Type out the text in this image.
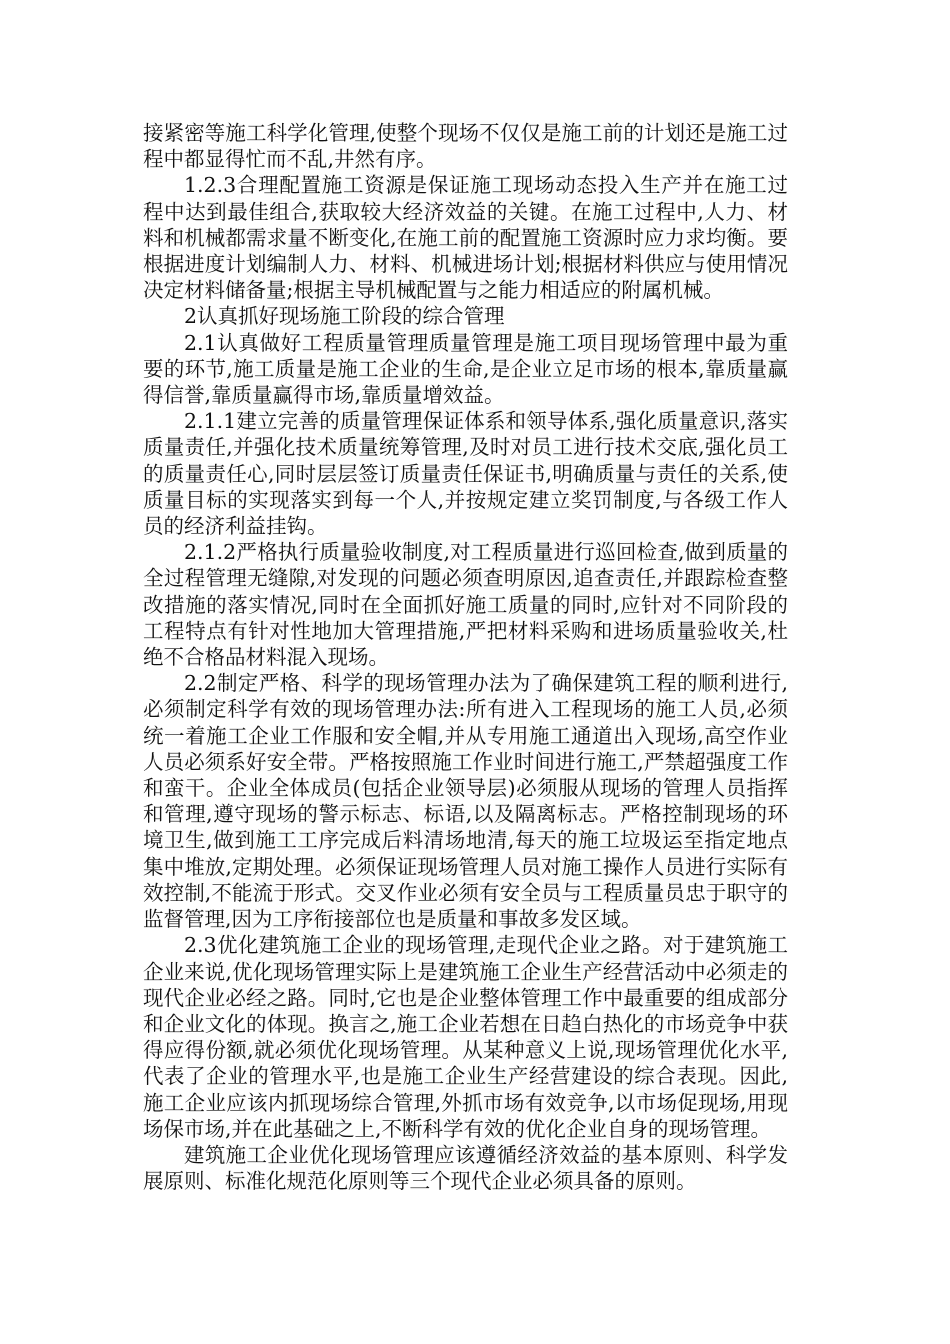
接紧密等施工科学化管理,使整个现场不仅仅是施工前的计划还是施工过程中都显得忙而不乱,井然有序。

1.2.3合理配置施工资源是保证施工现场动态投入生产并在施工过程中达到最佳组合,获取较大经济效益的关键。在施工过程中,人力、材料和机械都需求量不断变化,在施工前的配置施工资源时应力求均衡。要根据进度计划编制人力、材料、机械进场计划;根据材料供应与使用情况决定材料储备量;根据主导机械配置与之能力相适应的附属机械。

2认真抓好现场施工阶段的综合管理

2.1认真做好工程质量管理质量管理是施工项目现场管理中最为重要的环节,施工质量是施工企业的生命,是企业立足市场的根本,靠质量赢得信誉,靠质量赢得市场,靠质量增效益。

2.1.1建立完善的质量管理保证体系和领导体系,强化质量意识,落实质量责任,并强化技术质量统筹管理,及时对员工进行技术交底,强化员工的质量责任心,同时层层签订质量责任保证书,明确质量与责任的关系,使质量目标的实现落实到每一个人,并按规定建立奖罚制度,与各级工作人员的经济利益挂钩。

2.1.2严格执行质量验收制度,对工程质量进行巡回检查,做到质量的全过程管理无缝隙,对发现的问题必须查明原因,追查责任,并跟踪检查整改措施的落实情况,同时在全面抓好施工质量的同时,应针对不同阶段的工程特点有针对性地加大管理措施,严把材料采购和进场质量验收关,杜绝不合格品材料混入现场。

2.2制定严格、科学的现场管理办法为了确保建筑工程的顺利进行,必须制定科学有效的现场管理办法:所有进入工程现场的施工人员,必须统一着施工企业工作服和安全帽,并从专用施工通道出入现场,高空作业人员必须系好安全带。严格按照施工作业时间进行施工,严禁超强度工作和蛮干。企业全体成员(包括企业领导层)必须服从现场的管理人员指挥和管理,遵守现场的警示标志、标语,以及隔离标志。严格控制现场的环境卫生,做到施工工序完成后料清场地清,每天的施工垃圾运至指定地点集中堆放,定期处理。必须保证现场管理人员对施工操作人员进行实际有效控制,不能流于形式。交叉作业必须有安全员与工程质量员忠于职守的监督管理,因为工序衔接部位也是质量和事故多发区域。

2.3优化建筑施工企业的现场管理,走现代企业之路。对于建筑施工企业来说,优化现场管理实际上是建筑施工企业生产经营活动中必须走的现代企业必经之路。同时,它也是企业整体管理工作中最重要的组成部分和企业文化的体现。换言之,施工企业若想在日趋白热化的市场竞争中获得应得份额,就必须优化现场管理。从某种意义上说,现场管理优化水平,代表了企业的管理水平,也是施工企业生产经营建设的综合表现。因此,施工企业应该内抓现场综合管理,外抓市场有效竞争,以市场促现场,用现场保市场,并在此基础之上,不断科学有效的优化企业自身的现场管理。

建筑施工企业优化现场管理应该遵循经济效益的基本原则、科学发展原则、标准化规范化原则等三个现代企业必须具备的原则。
